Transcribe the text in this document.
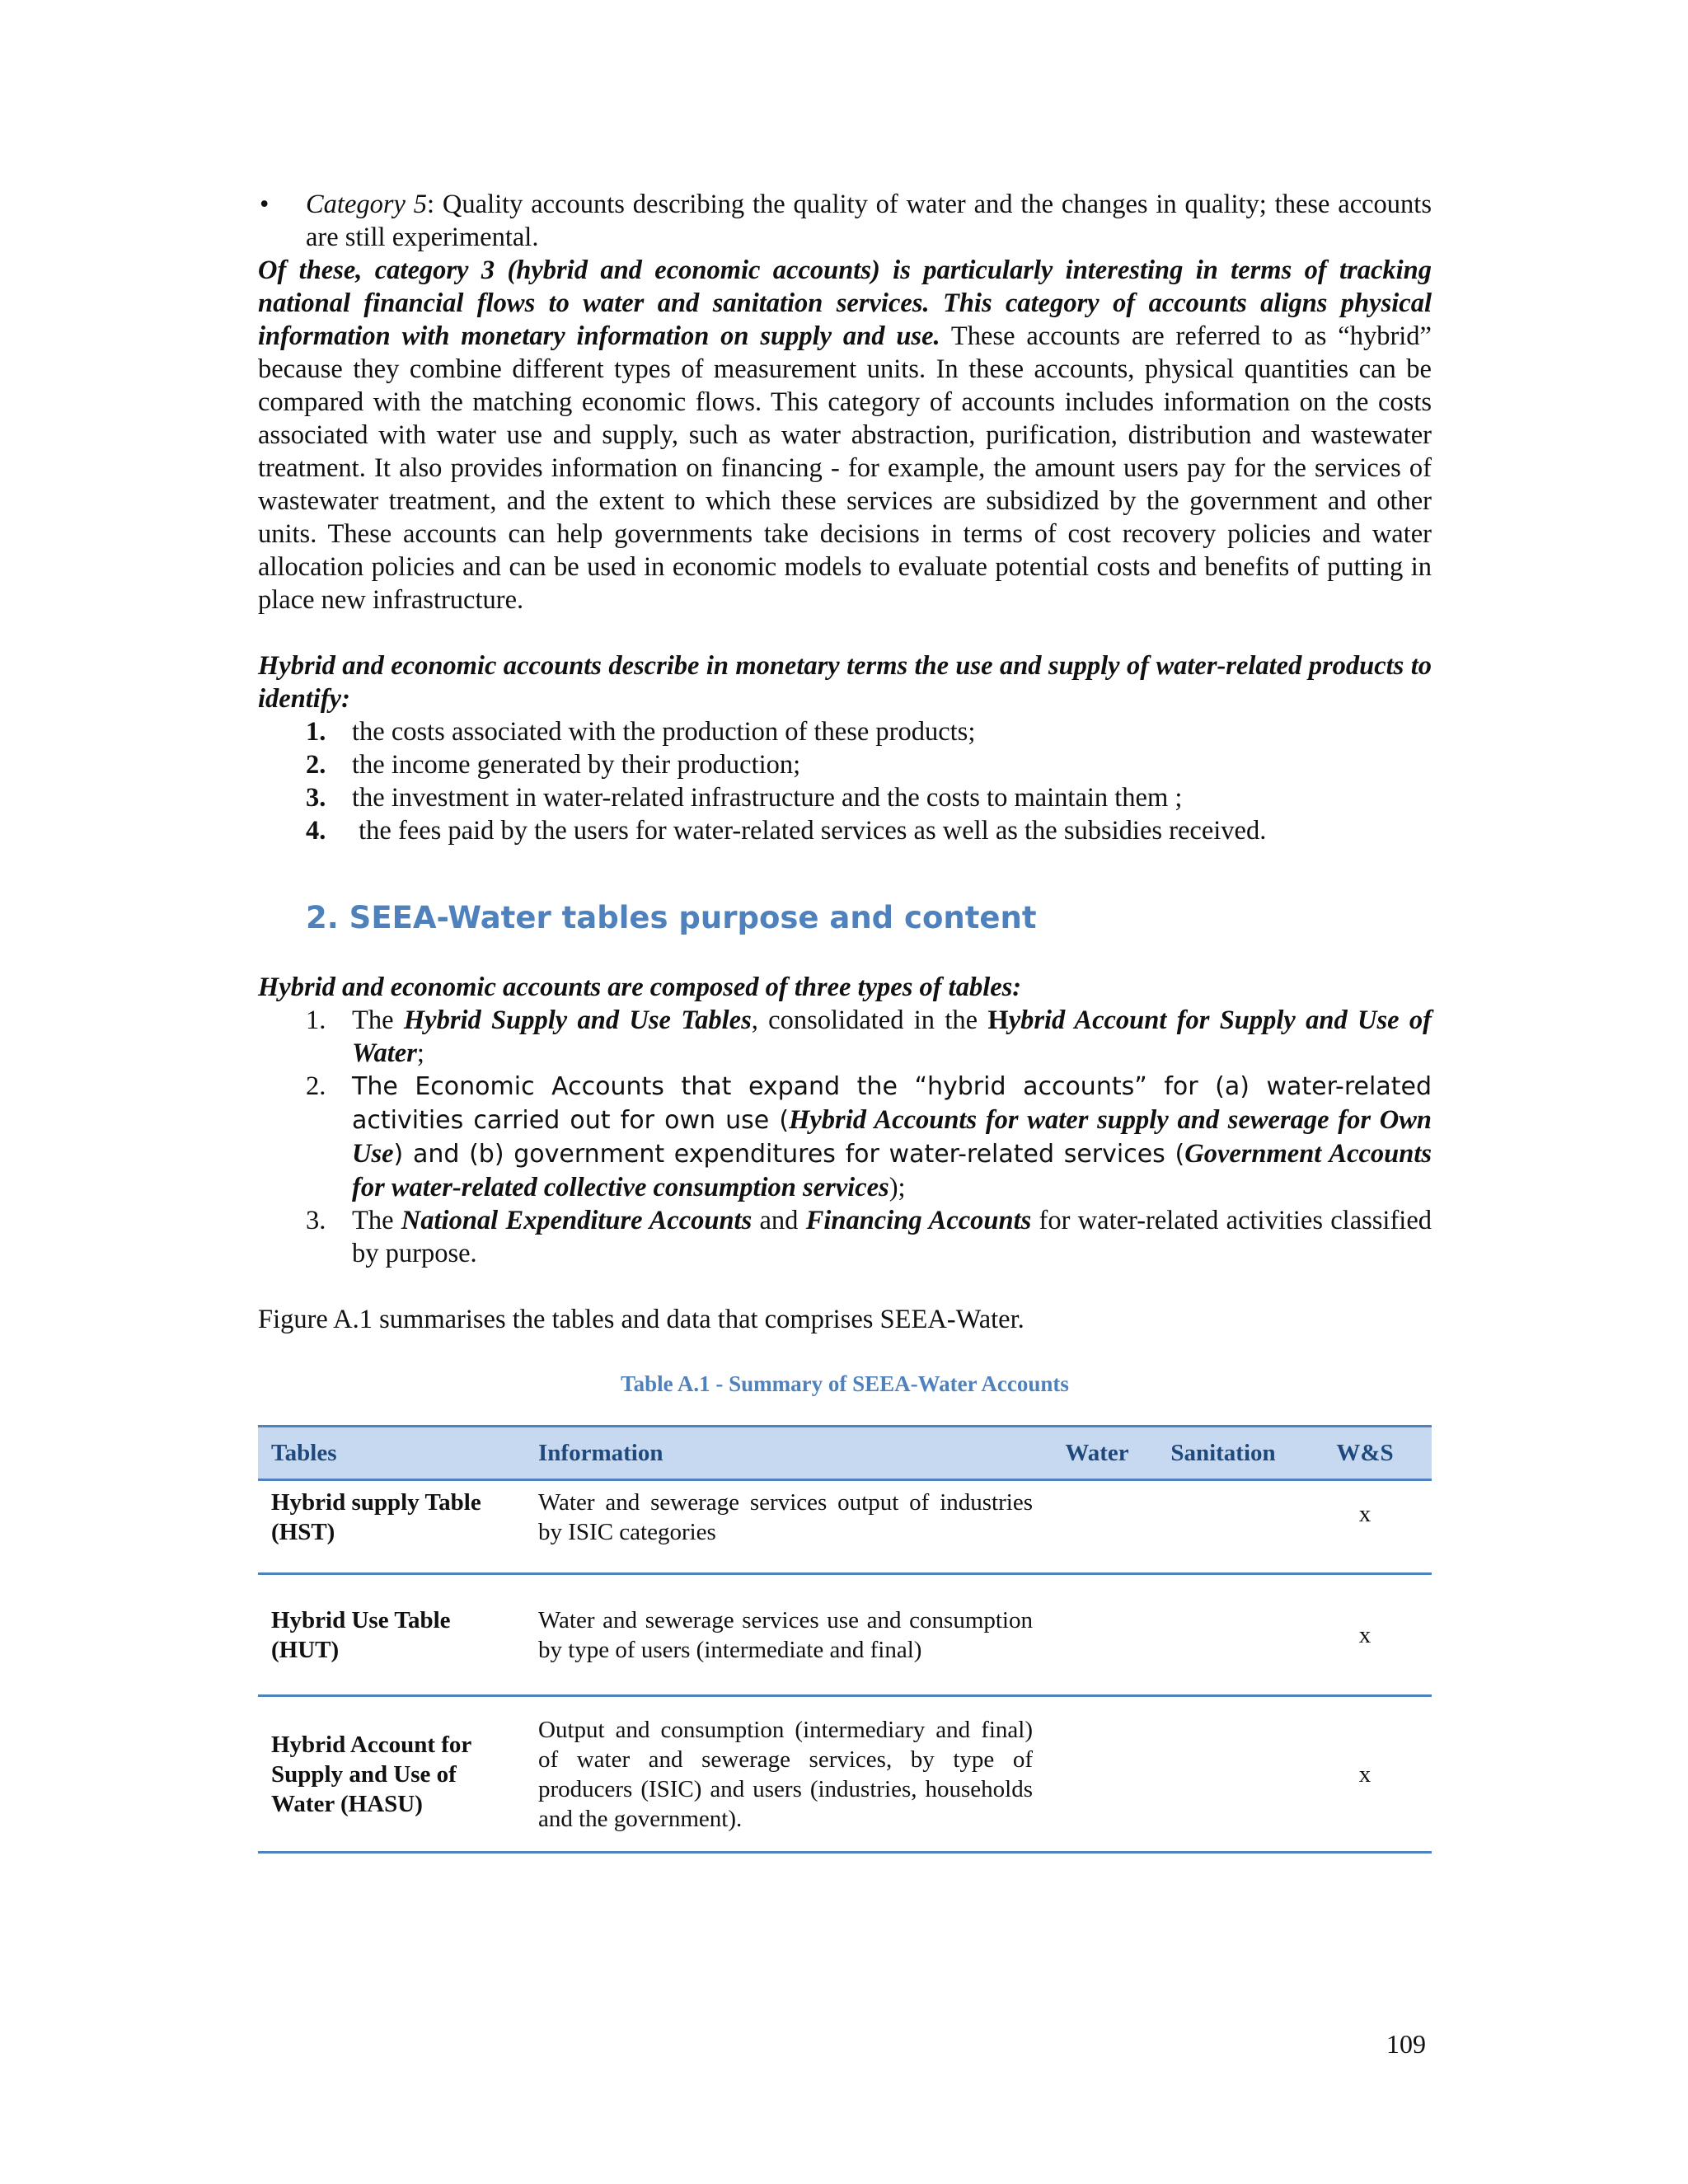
•	Category 5: Quality accounts describing the quality of water and the changes in quality; these accounts are still experimental.

Of these, category 3 (hybrid and economic accounts) is particularly interesting in terms of tracking national financial flows to water and sanitation services. This category of accounts aligns physical information with monetary information on supply and use. These accounts are referred to as “hybrid” because they combine different types of measurement units. In these accounts, physical quantities can be compared with the matching economic flows. This category of accounts includes information on the costs associated with water use and supply, such as water abstraction, purification, distribution and wastewater treatment. It also provides information on financing - for example, the amount users pay for the services of wastewater treatment, and the extent to which these services are subsidized by the government and other units. These accounts can help governments take decisions in terms of cost recovery policies and water allocation policies and can be used in economic models to evaluate potential costs and benefits of putting in place new infrastructure.

Hybrid and economic accounts describe in monetary terms the use and supply of water-related products to identify:

1. the costs associated with the production of these products;
2. the income generated by their production;
3. the investment in water-related infrastructure and the costs to maintain them ;
4. the fees paid by the users for water-related services as well as the subsidies received.
2. SEEA-Water tables purpose and content

Hybrid and economic accounts are composed of three types of tables:

1. The Hybrid Supply and Use Tables, consolidated in the Hybrid Account for Supply and Use of Water;
2.	The Economic Accounts that expand the “hybrid accounts” for (a) water-related activities carried out for own use (Hybrid Accounts for water supply and sewerage for Own Use) and (b) government expenditures for water-related services (Government Accounts for water-related collective consumption services);
3. The National Expenditure Accounts and Financing Accounts for water-related activities classified by purpose.

Figure A.1 summarises the tables and data that comprises SEEA-Water.

Table A.1 - Summary of SEEA-Water Accounts

Tables	Information	Water	Sanitation	W&S
Hybrid supply Table (HST)	Water and sewerage services output of industries by ISIC categories			x
Hybrid Use Table (HUT)	Water and sewerage services use and consumption by type of users (intermediate and final)			x
Hybrid Account for Supply and Use of Water (HASU)	Output and consumption (intermediary and final) of water and sewerage services, by type of producers (ISIC) and users (industries, households and the government).			x
109
